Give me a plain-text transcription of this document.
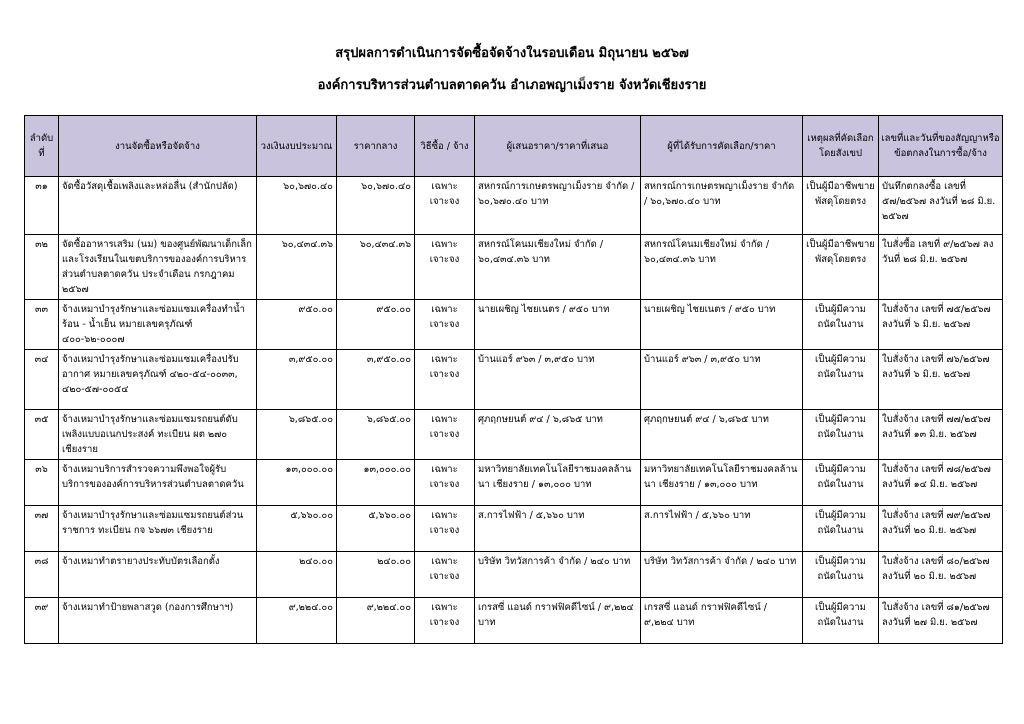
สรุปผลการดำเนินการจัดซื้อจัดจ้างในรอบเดือน มิถุนายน ๒๕๖๗
องค์การบริหารส่วนตำบลตาดควัน อำเภอพญาเม็งราย จังหวัดเชียงราย
ลำดับที่	งานจัดซื้อหรือจัดจ้าง	วงเงินงบประมาณ	ราคากลาง	วิธีซื้อ / จ้าง	ผู้เสนอราคา/ราคาที่เสนอ	ผู้ที่ได้รับการคัดเลือก/ราคา	เหตุผลที่คัดเลือกโดยสังเขป	เลขที่และวันที่ของสัญญาหรือข้อตกลงในการซื้อ/จ้าง
๓๑	จัดซื้อวัสดุเชื้อเพลิงและหล่อลื่น (สำนักปลัด)	๖๐,๖๗๐.๔๐	๖๐,๖๗๐.๔๐	เฉพาะเจาะจง	สหกรณ์การเกษตรพญาเม็งราย จำกัด / ๖๐,๖๗๐.๔๐ บาท	สหกรณ์การเกษตรพญาเม็งราย จำกัด / ๖๐,๖๗๐.๔๐ บาท	เป็นผู้มีอาชีพขายพัสดุโดยตรง	บันทึกตกลงซื้อ เลขที่ ๕๗/๒๕๖๗ ลงวันที่ ๒๘ มิ.ย. ๒๕๖๗
๓๒	จัดซื้ออาหารเสริม (นม) ของศูนย์พัฒนาเด็กเล็กและโรงเรียนในเขตบริการขององค์การบริหารส่วนตำบลตาดควัน ประจำเดือน กรกฎาคม ๒๕๖๗	๖๐,๔๓๔.๓๖	๖๐,๔๓๔.๓๖	เฉพาะเจาะจง	สหกรณ์โคนมเชียงใหม่ จำกัด / ๖๐,๔๓๔.๓๖ บาท	สหกรณ์โคนมเชียงใหม่ จำกัด / ๖๐,๔๓๔.๓๖ บาท	เป็นผู้มีอาชีพขายพัสดุโดยตรง	ใบสั่งซื้อ เลขที่ ๙/๒๕๖๗ ลงวันที่ ๒๘ มิ.ย. ๒๕๖๗
๓๓	จ้างเหมาบำรุงรักษาและซ่อมแซมเครื่องทำน้ำร้อน - น้ำเย็น หมายเลขครุภัณฑ์ ๔๐๐-๖๒-๐๐๐๗	๙๕๐.๐๐	๙๕๐.๐๐	เฉพาะเจาะจง	นายเผชิญ ไชยเนตร / ๙๕๐ บาท	นายเผชิญ ไชยเนตร / ๙๕๐ บาท	เป็นผู้มีความถนัดในงาน	ใบสั่งจ้าง เลขที่ ๗๕/๒๕๖๗ ลงวันที่ ๖ มิ.ย. ๒๕๖๗
๓๔	จ้างเหมาบำรุงรักษาและซ่อมแซมเครื่องปรับอากาศ หมายเลขครุภัณฑ์ ๔๒๐-๕๔-๐๐๓๓, ๔๒๐-๕๗-๐๐๕๔	๓,๙๕๐.๐๐	๓,๙๕๐.๐๐	เฉพาะเจาะจง	บ้านแอร์ ๙๖๓ / ๓,๙๕๐ บาท	บ้านแอร์ ๙๖๓ / ๓,๙๕๐ บาท	เป็นผู้มีความถนัดในงาน	ใบสั่งจ้าง เลขที่ ๗๖/๒๕๖๗ ลงวันที่ ๖ มิ.ย. ๒๕๖๗
๓๕	จ้างเหมาบำรุงรักษาและซ่อมแซมรถยนต์ดับเพลิงแบบอเนกประสงค์ ทะเบียน ผต ๒๗๐ เชียงราย	๖,๘๖๕.๐๐	๖,๘๖๕.๐๐	เฉพาะเจาะจง	ศุภฤกษยนต์ ๙๔ / ๖,๘๖๕ บาท	ศุภฤกษยนต์ ๙๔ / ๖,๘๖๕ บาท	เป็นผู้มีความถนัดในงาน	ใบสั่งจ้าง เลขที่ ๗๗/๒๕๖๗ ลงวันที่ ๑๓ มิ.ย. ๒๕๖๗
๓๖	จ้างเหมาบริการสำรวจความพึงพอใจผู้รับบริการขององค์การบริหารส่วนตำบลตาดควัน	๑๓,๐๐๐.๐๐	๑๓,๐๐๐.๐๐	เฉพาะเจาะจง	มหาวิทยาลัยเทคโนโลยีราชมงคลล้านนา เชียงราย / ๑๓,๐๐๐ บาท	มหาวิทยาลัยเทคโนโลยีราชมงคลล้านนา เชียงราย / ๑๓,๐๐๐ บาท	เป็นผู้มีความถนัดในงาน	ใบสั่งจ้าง เลขที่ ๗๘/๒๕๖๗ ลงวันที่ ๑๔ มิ.ย. ๒๕๖๗
๓๗	จ้างเหมาบำรุงรักษาและซ่อมแซมรถยนต์ส่วนราชการ ทะเบียน กจ ๖๖๗๓ เชียงราย	๕,๖๖๐.๐๐	๕,๖๖๐.๐๐	เฉพาะเจาะจง	ส.การไฟฟ้า / ๕,๖๖๐ บาท	ส.การไฟฟ้า / ๕,๖๖๐ บาท	เป็นผู้มีความถนัดในงาน	ใบสั่งจ้าง เลขที่ ๗๙/๒๕๖๗ ลงวันที่ ๒๐ มิ.ย. ๒๕๖๗
๓๘	จ้างเหมาทำตรายางประทับบัตรเลือกตั้ง	๒๔๐.๐๐	๒๔๐.๐๐	เฉพาะเจาะจง	บริษัท วิทวัสการค้า จำกัด / ๒๔๐ บาท	บริษัท วิทวัสการค้า จำกัด / ๒๔๐ บาท	เป็นผู้มีความถนัดในงาน	ใบสั่งจ้าง เลขที่ ๘๐/๒๕๖๗ ลงวันที่ ๒๐ มิ.ย. ๒๕๖๗
๓๙	จ้างเหมาทำป้ายพลาสวูด (กองการศึกษาฯ)	๙,๒๒๔.๐๐	๙,๒๒๔.๐๐	เฉพาะเจาะจง	เกรสซี่ แอนด์ กราฟฟิคดีไซน์ / ๙,๒๒๔ บาท	เกรสซี่ แอนด์ กราฟฟิคดีไซน์ / ๙,๒๒๔ บาท	เป็นผู้มีความถนัดในงาน	ใบสั่งจ้าง เลขที่ ๘๑/๒๕๖๗ ลงวันที่ ๒๗ มิ.ย. ๒๕๖๗
